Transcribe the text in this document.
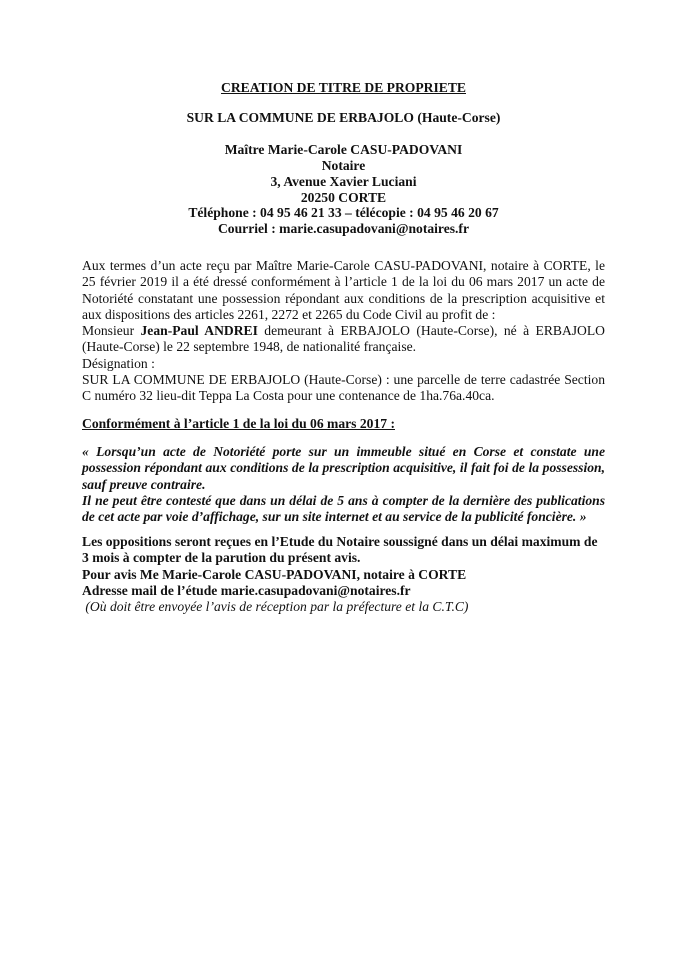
CREATION DE TITRE DE PROPRIETE
SUR LA COMMUNE DE ERBAJOLO (Haute-Corse)
Maître Marie-Carole CASU-PADOVANI
Notaire
3, Avenue Xavier Luciani
20250 CORTE
Téléphone : 04 95 46 21 33 – télécopie : 04 95 46 20 67
Courriel : marie.casupadovani@notaires.fr

Aux termes d’un acte reçu par Maître Marie-Carole CASU-PADOVANI, notaire à CORTE, le 25 février 2019 il a été dressé conformément à l’article 1 de la loi du 06 mars 2017 un acte de Notoriété constatant une possession répondant aux conditions de la prescription acquisitive et aux dispositions des articles 2261, 2272 et 2265 du Code Civil au profit de :

Monsieur Jean-Paul ANDREI demeurant à ERBAJOLO (Haute-Corse), né à ERBAJOLO (Haute-Corse) le 22 septembre 1948, de nationalité française.

Désignation :

SUR LA COMMUNE DE ERBAJOLO (Haute-Corse) : une parcelle de terre cadastrée Section C numéro 32 lieu-dit Teppa La Costa pour une contenance de 1ha.76a.40ca.

Conformément à l’article 1 de la loi du 06 mars 2017 :

« Lorsqu’un acte de Notoriété porte sur un immeuble situé en Corse et constate une possession répondant aux conditions de la prescription acquisitive, il fait foi de la possession, sauf preuve contraire.

Il ne peut être contesté que dans un délai de 5 ans à compter de la dernière des publications de cet acte par voie d’affichage, sur un site internet et au service de la publicité foncière. »

Les oppositions seront reçues en l’Etude du Notaire soussigné dans un délai maximum de 3 mois à compter de la parution du présent avis.

Pour avis Me Marie-Carole CASU-PADOVANI, notaire à CORTE

Adresse mail de l’étude marie.casupadovani@notaires.fr

(Où doit être envoyée l’avis de réception par la préfecture et la C.T.C)
